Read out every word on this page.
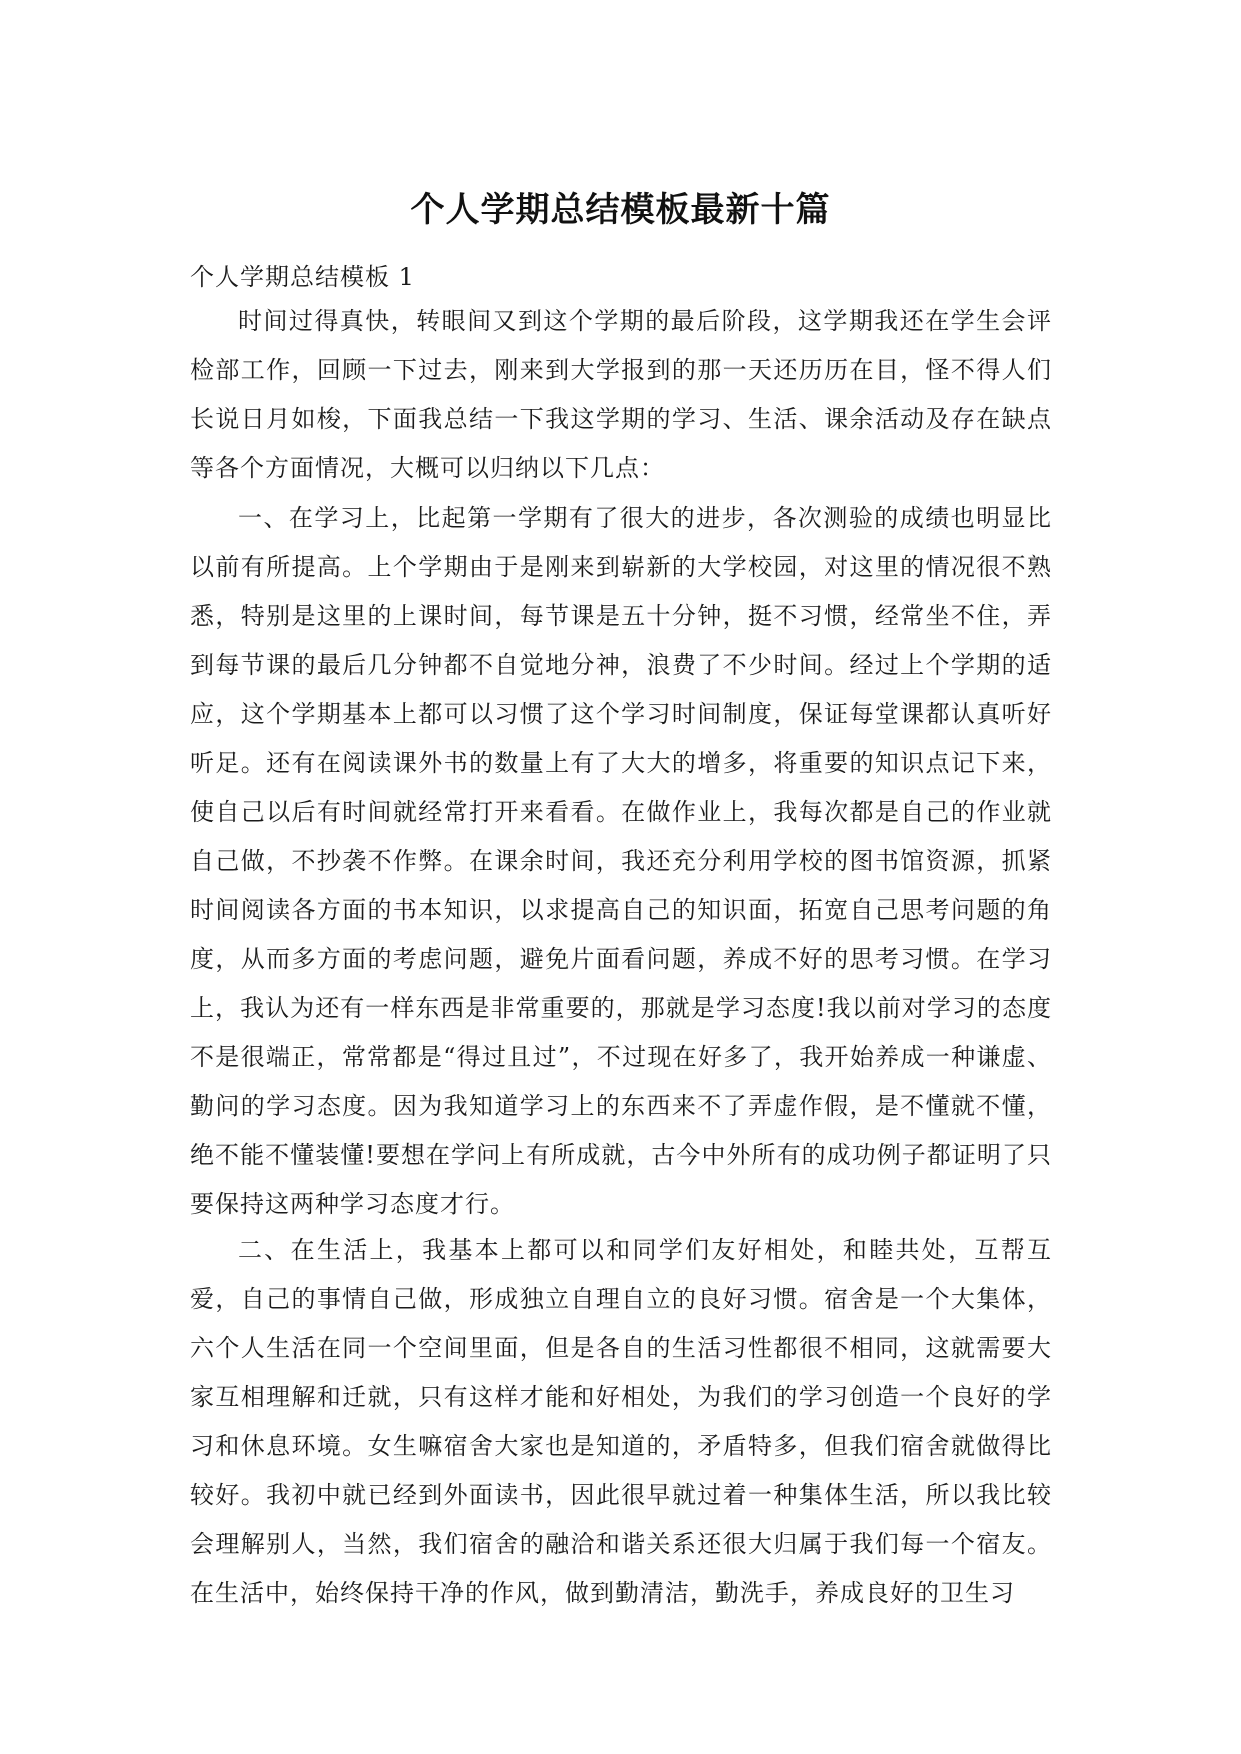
个人学期总结模板最新十篇
个人学期总结模板 1

时间过得真快，转眼间又到这个学期的最后阶段，这学期我还在学生会评检部工作，回顾一下过去，刚来到大学报到的那一天还历历在目，怪不得人们长说日月如梭，下面我总结一下我这学期的学习、生活、课余活动及存在缺点等各个方面情况，大概可以归纳以下几点：

一、在学习上，比起第一学期有了很大的进步，各次测验的成绩也明显比以前有所提高。上个学期由于是刚来到崭新的大学校园，对这里的情况很不熟悉，特别是这里的上课时间，每节课是五十分钟，挺不习惯，经常坐不住，弄到每节课的最后几分钟都不自觉地分神，浪费了不少时间。经过上个学期的适应，这个学期基本上都可以习惯了这个学习时间制度，保证每堂课都认真听好听足。还有在阅读课外书的数量上有了大大的增多，将重要的知识点记下来，使自己以后有时间就经常打开来看看。在做作业上，我每次都是自己的作业就自己做，不抄袭不作弊。在课余时间，我还充分利用学校的图书馆资源，抓紧时间阅读各方面的书本知识，以求提高自己的知识面，拓宽自己思考问题的角度，从而多方面的考虑问题，避免片面看问题，养成不好的思考习惯。在学习上，我认为还有一样东西是非常重要的，那就是学习态度!我以前对学习的态度不是很端正，常常都是“得过且过”，不过现在好多了，我开始养成一种谦虚、勤问的学习态度。因为我知道学习上的东西来不了弄虚作假，是不懂就不懂，绝不能不懂装懂!要想在学问上有所成就，古今中外所有的成功例子都证明了只要保持这两种学习态度才行。

二、在生活上，我基本上都可以和同学们友好相处，和睦共处，互帮互爱，自己的事情自己做，形成独立自理自立的良好习惯。宿舍是一个大集体，六个人生活在同一个空间里面，但是各自的生活习性都很不相同，这就需要大家互相理解和迁就，只有这样才能和好相处，为我们的学习创造一个良好的学习和休息环境。女生嘛宿舍大家也是知道的，矛盾特多，但我们宿舍就做得比较好。我初中就已经到外面读书，因此很早就过着一种集体生活，所以我比较会理解别人，当然，我们宿舍的融洽和谐关系还很大归属于我们每一个宿友。在生活中，始终保持干净的作风，做到勤清洁，勤洗手，养成良好的卫生习
